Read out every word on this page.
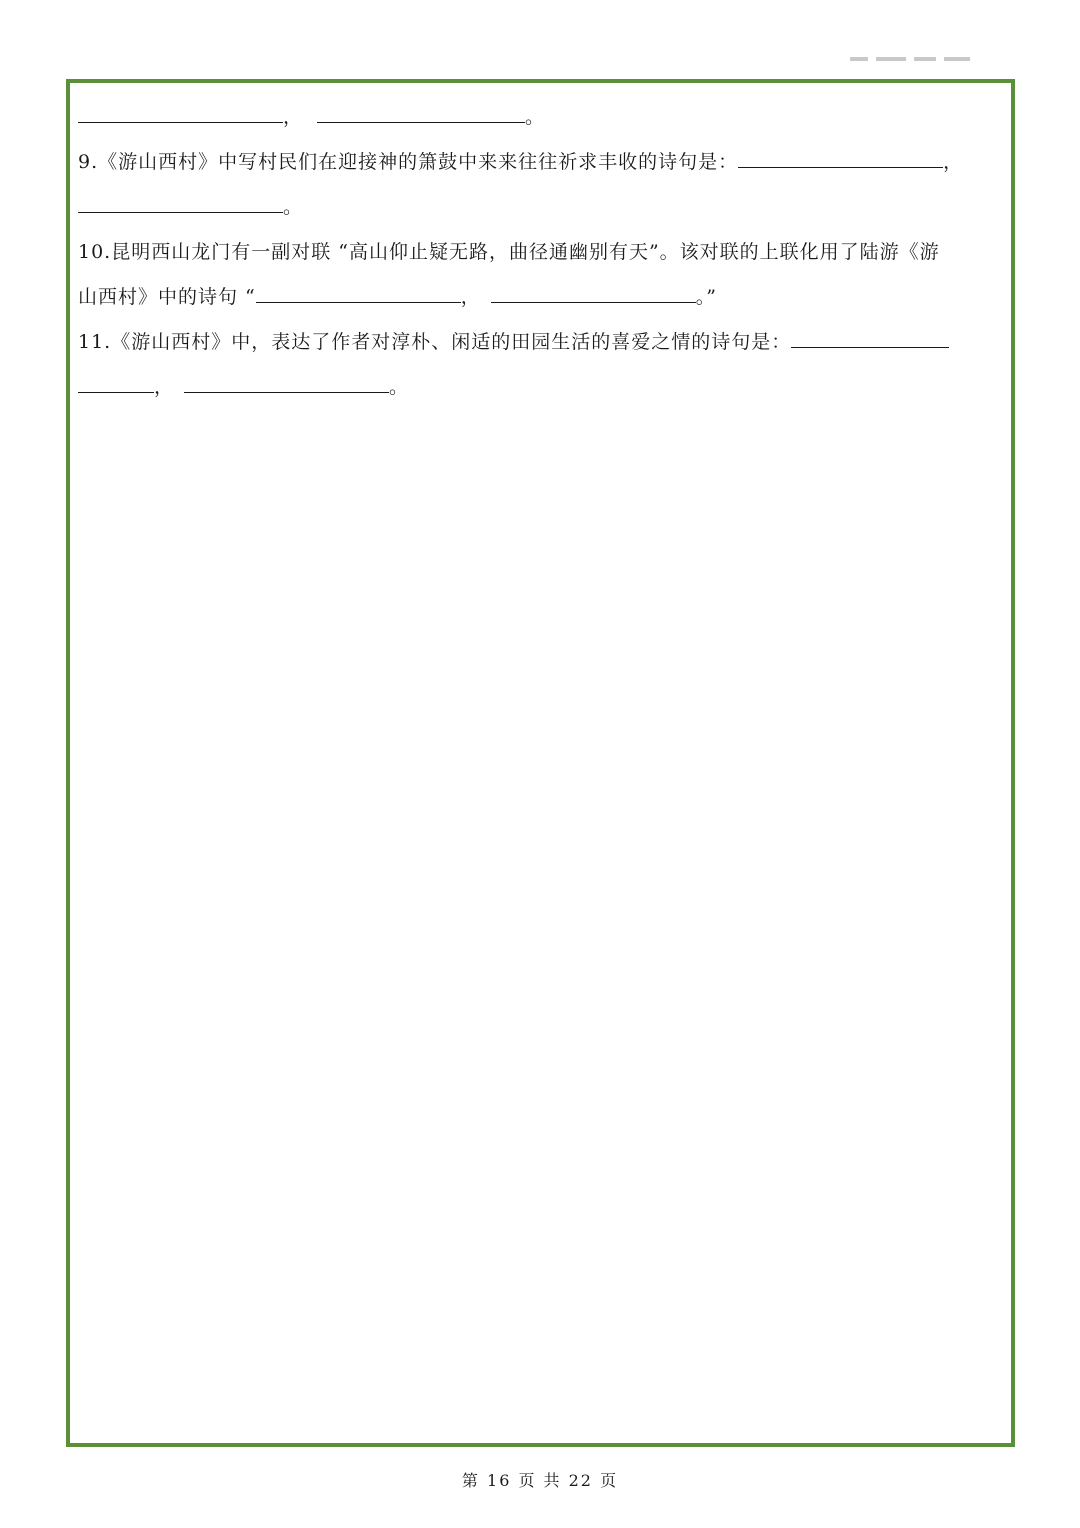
，	。
9.《游山西村》中写村民们在迎接神的箫鼓中来来往往祈求丰收的诗句是：	，
。
10.昆明西山龙门有一副对联 “高山仰止疑无路，曲径通幽别有天”。该对联的上联化用了陆游《游
山西村》中的诗句 “	，	。”
11.《游山西村》中，表达了作者对淳朴、闲适的田园生活的喜爱之情的诗句是：
，	。
第 16 页 共 22 页
